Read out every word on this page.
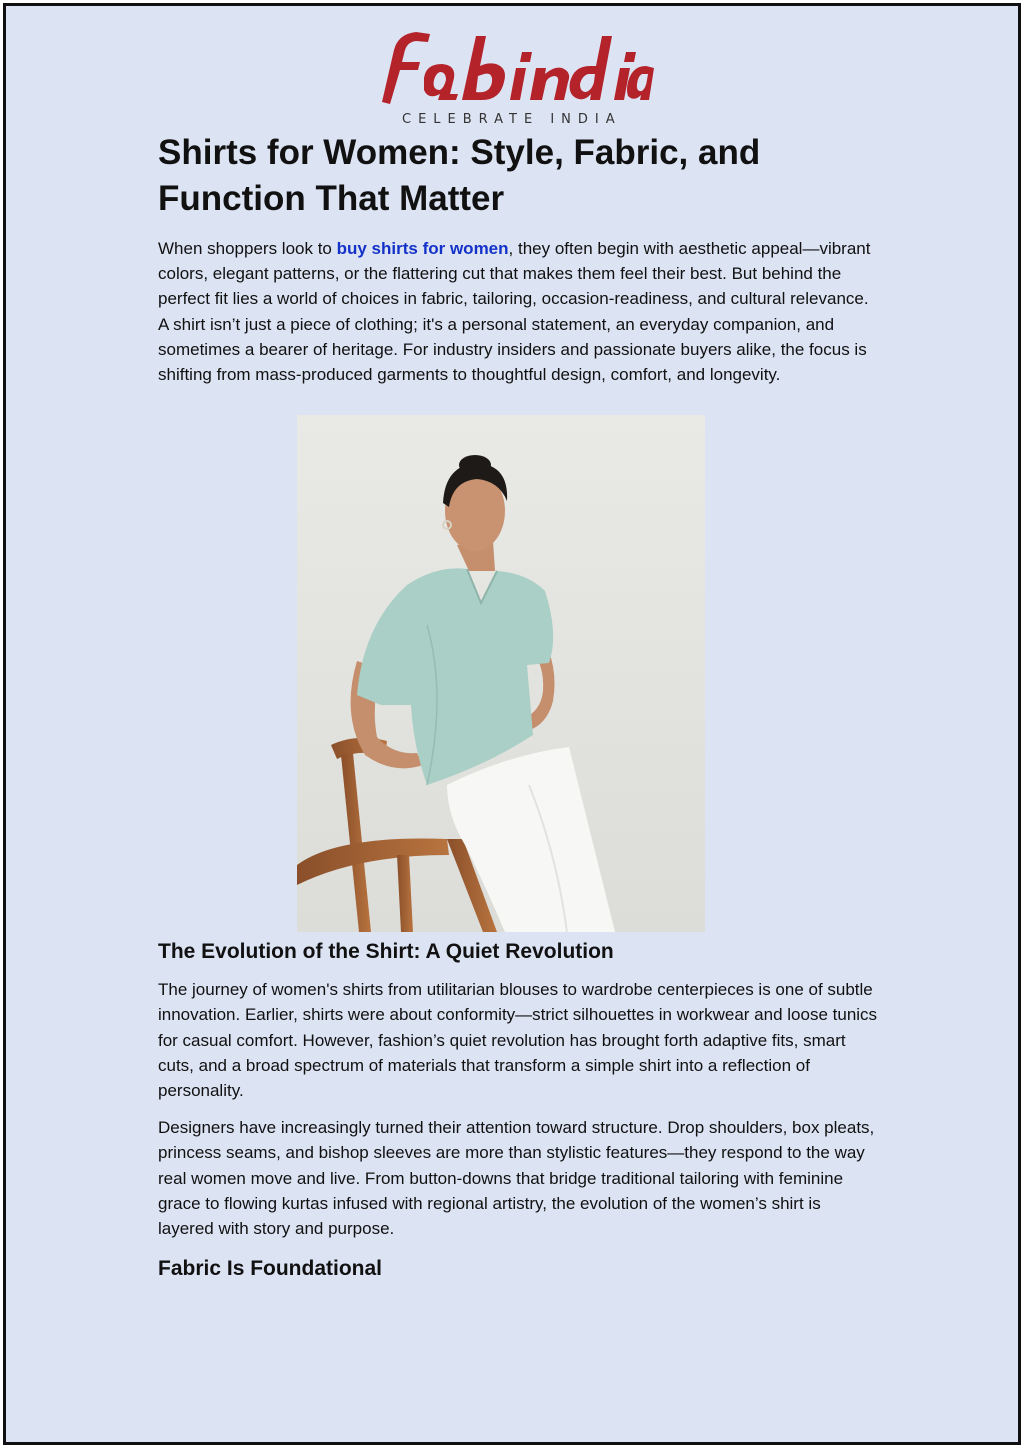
CELEBRATE INDIA
Shirts for Women: Style, Fabric, and Function That Matter

When shoppers look to buy shirts for women, they often begin with aesthetic appeal—vibrant colors, elegant patterns, or the flattering cut that makes them feel their best. But behind the perfect fit lies a world of choices in fabric, tailoring, occasion-readiness, and cultural relevance. A shirt isn’t just a piece of clothing; it's a personal statement, an everyday companion, and sometimes a bearer of heritage. For industry insiders and passionate buyers alike, the focus is shifting from mass-produced garments to thoughtful design, comfort, and longevity.

The Evolution of the Shirt: A Quiet Revolution

The journey of women's shirts from utilitarian blouses to wardrobe centerpieces is one of subtle innovation. Earlier, shirts were about conformity—strict silhouettes in workwear and loose tunics for casual comfort. However, fashion’s quiet revolution has brought forth adaptive fits, smart cuts, and a broad spectrum of materials that transform a simple shirt into a reflection of personality.

Designers have increasingly turned their attention toward structure. Drop shoulders, box pleats, princess seams, and bishop sleeves are more than stylistic features—they respond to the way real women move and live. From button-downs that bridge traditional tailoring with feminine grace to flowing kurtas infused with regional artistry, the evolution of the women’s shirt is layered with story and purpose.

Fabric Is Foundational
